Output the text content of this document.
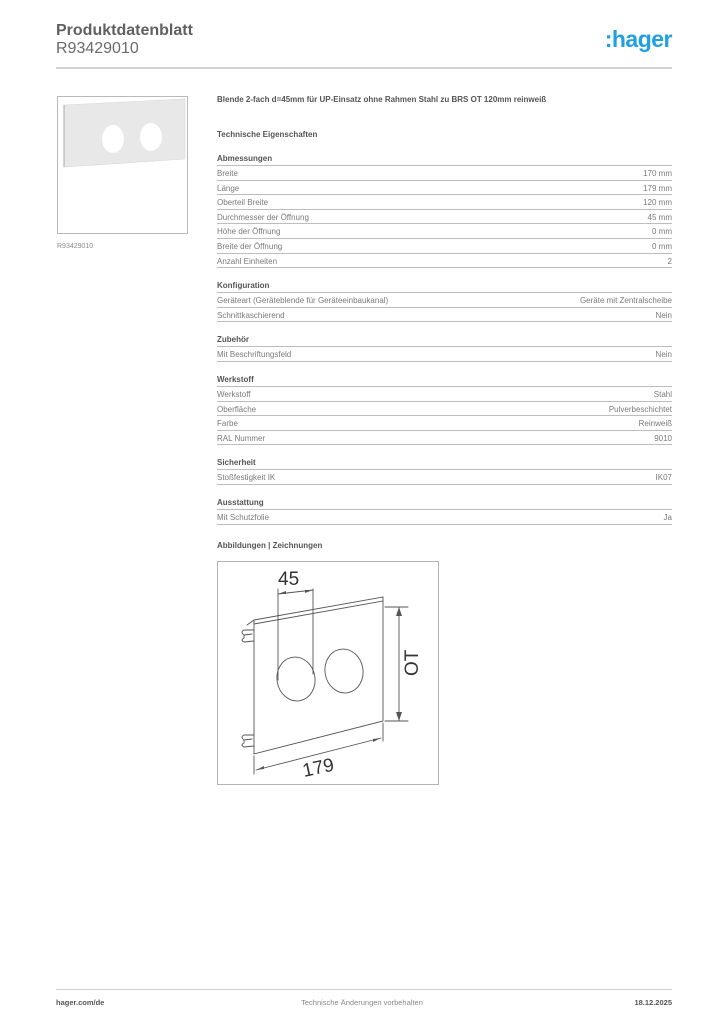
Produktdatenblatt
R93429010	:hager
R93429010
Blende 2-fach d=45mm für UP-Einsatz ohne Rahmen Stahl zu BRS OT 120mm reinweiß
Technische Eigenschaften
Abmessungen
Breite	170 mm
Länge	179 mm
Oberteil Breite	120 mm
Durchmesser der Öffnung	45 mm
Höhe der Öffnung	0 mm
Breite der Öffnung	0 mm
Anzahl Einheiten	2
Konfiguration
Geräteart (Geräteblende für Geräteeinbaukanal)	Geräte mit Zentralscheibe
Schnittkaschierend	Nein
Zubehör
Mit Beschriftungsfeld	Nein
Werkstoff
Werkstoff	Stahl
Oberfläche	Pulverbeschichtet
Farbe	Reinweiß
RAL Nummer	9010
Sicherheit
Stoßfestigkeit IK	IK07
Ausstattung
Mit Schutzfolie	Ja
Abbildungen | Zeichnungen
45
OT
179
hager.com/de	Technische Änderungen vorbehalten	18.12.2025
